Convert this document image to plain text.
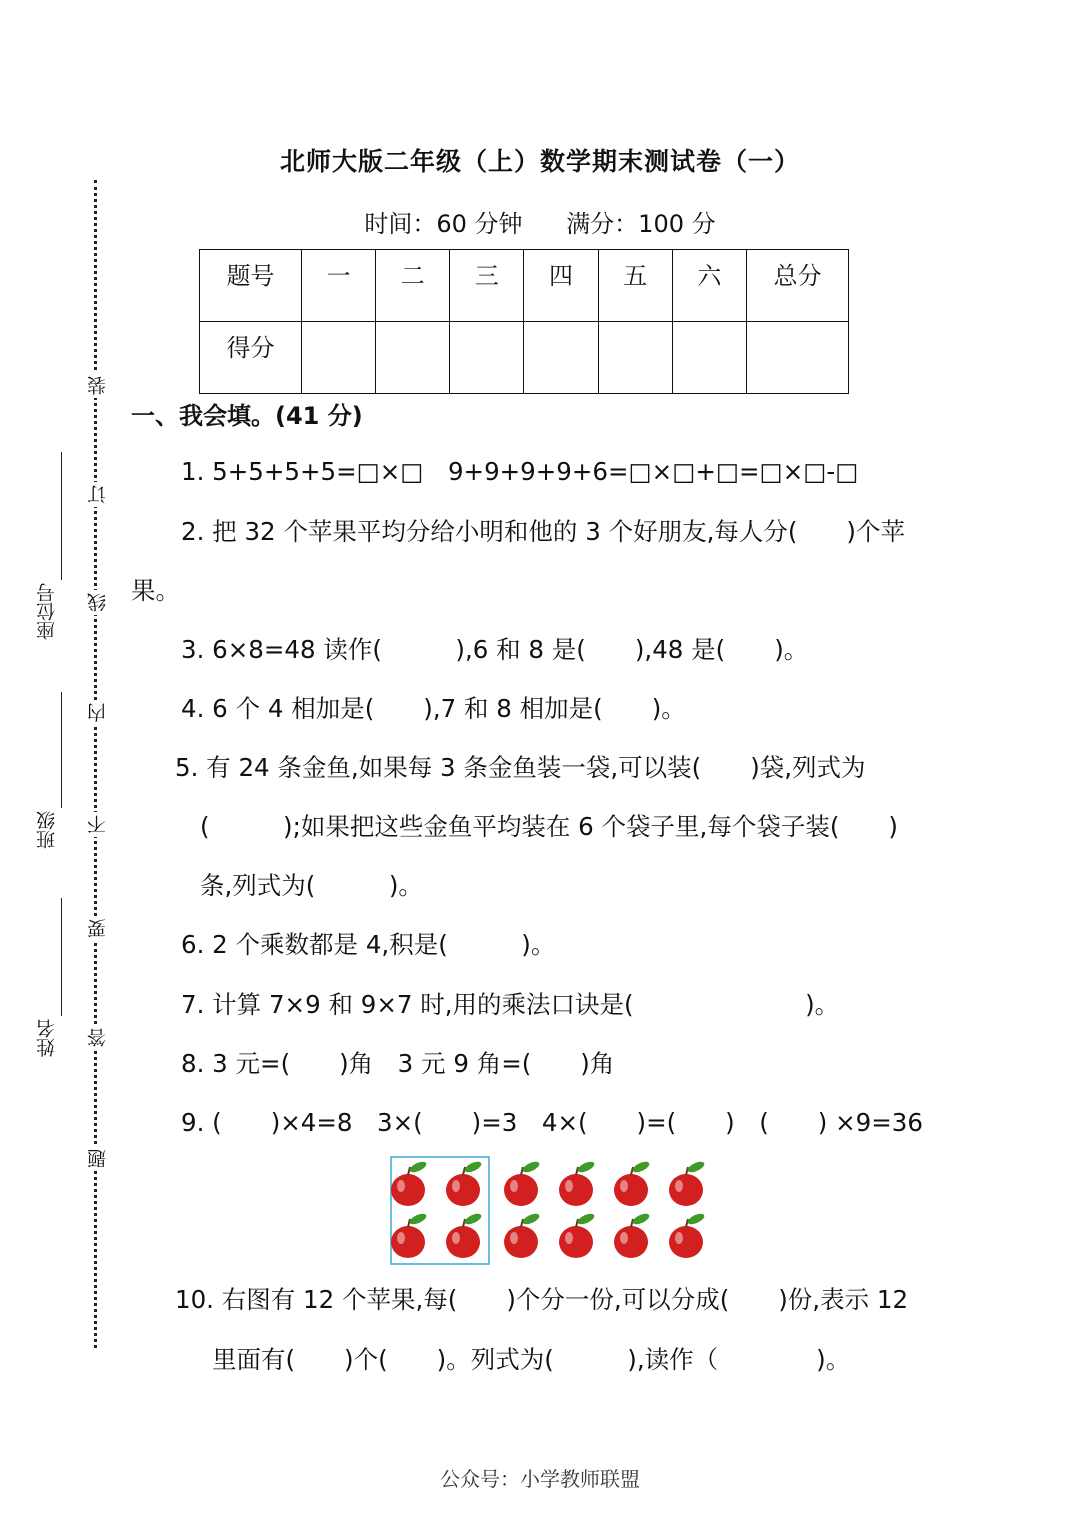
题
答
要
不
内
线
订
装
座位号
班级
姓名
北师大版二年级（上）数学期末测试卷（一）
时间：60 分钟 满分：100 分
题号	一	二	三	四	五	六	总分
得分							
一、我会填。(41 分)
1. 5+5+5+5=□×□　9+9+9+9+6=□×□+□=□×□-□
2. 把 32 个苹果平均分给小明和他的 3 个好朋友,每人分(　　)个苹
果。
3. 6×8=48 读作(　　　),6 和 8 是(　　),48 是(　　)。
4. 6 个 4 相加是(　　),7 和 8 相加是(　　)。
5. 有 24 条金鱼,如果每 3 条金鱼装一袋,可以装(　　)袋,列式为
(　　　);如果把这些金鱼平均装在 6 个袋子里,每个袋子装(　　)
条,列式为(　　　)。
6. 2 个乘数都是 4,积是(　　　)。
7. 计算 7×9 和 9×7 时,用的乘法口诀是(　　　　　　　)。
8. 3 元=(　　)角　3 元 9 角=(　　)角
9. (　　)×4=8　3×(　　)=3　4×(　　)=(　　)　(　　) ×9=36
10. 右图有 12 个苹果,每(　　)个分一份,可以分成(　　)份,表示 12
里面有(　　)个(　　)。列式为(　　　),读作（　　　　)。
公众号：小学教师联盟
